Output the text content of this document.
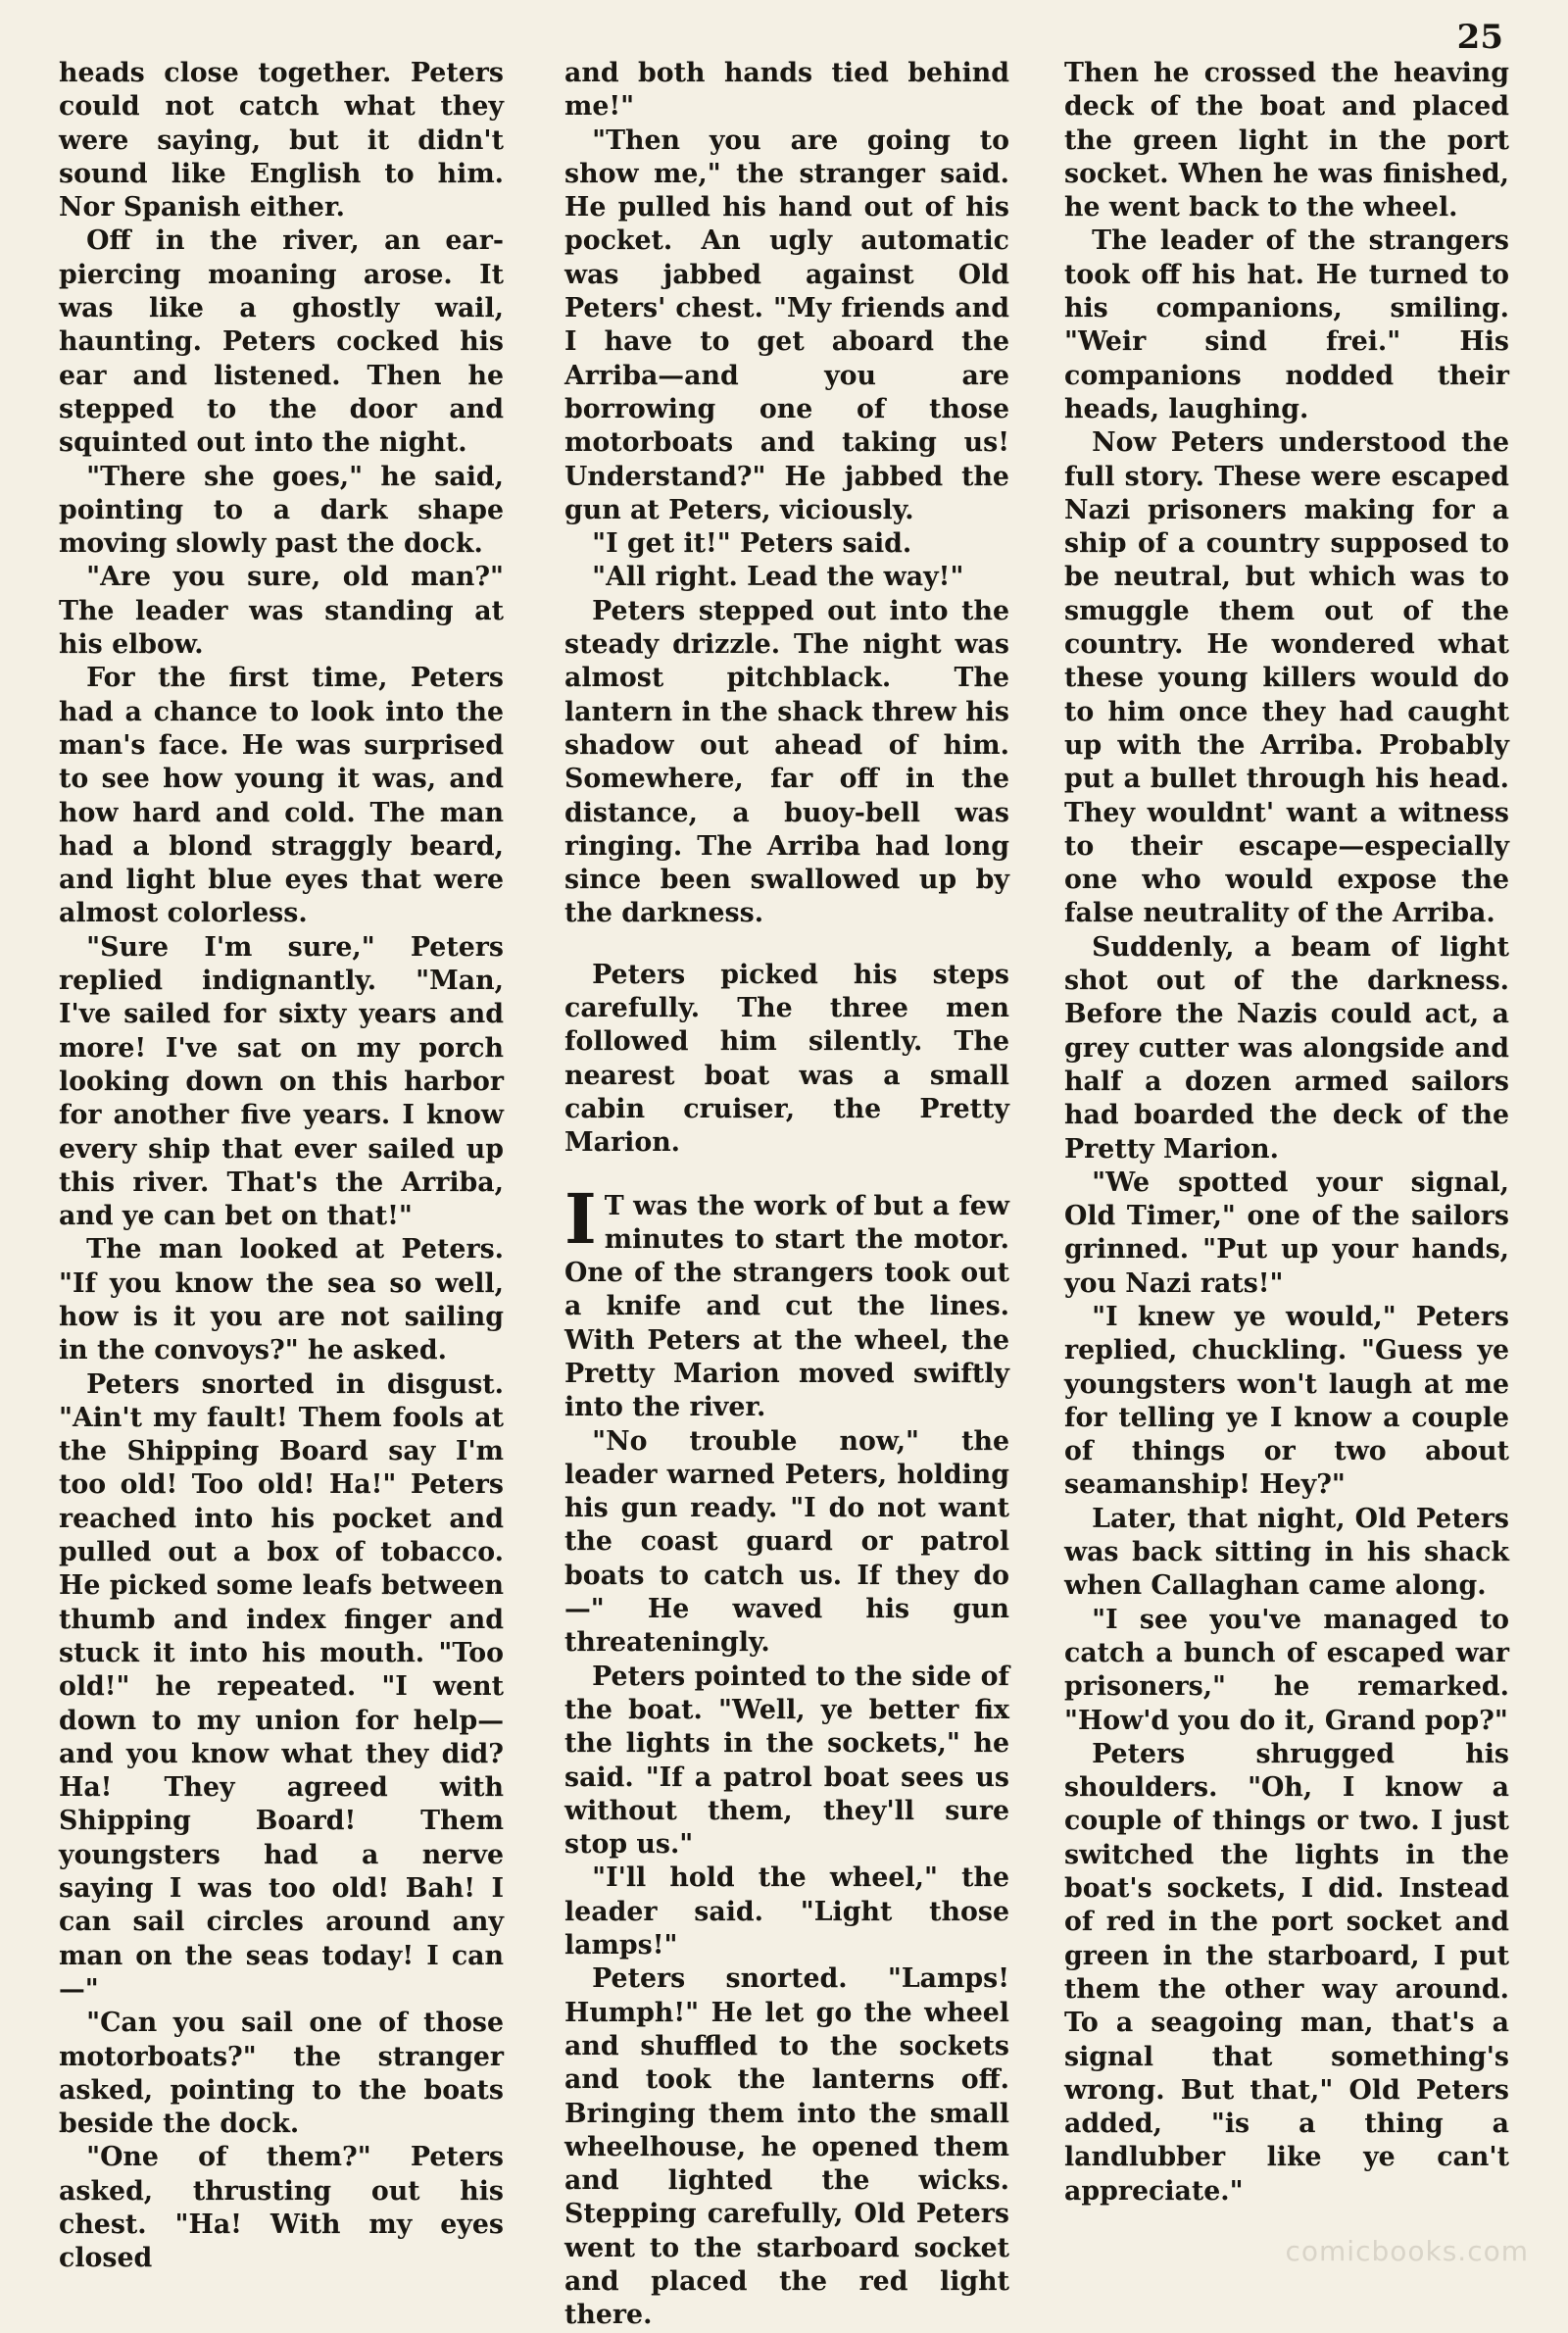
25

heads close together. Peters could not catch what they were saying, but it didn't sound like English to him. Nor Spanish either.

Off in the river, an ear-piercing moaning arose. It was like a ghostly wail, haunting. Peters cocked his ear and listened. Then he stepped to the door and squinted out into the night.

"There she goes," he said, pointing to a dark shape moving slowly past the dock.

"Are you sure, old man?" The leader was standing at his elbow.

For the first time, Peters had a chance to look into the man's face. He was surprised to see how young it was, and how hard and cold. The man had a blond straggly beard, and light blue eyes that were almost colorless.

"Sure I'm sure," Peters replied indignantly. "Man, I've sailed for sixty years and more! I've sat on my porch looking down on this harbor for another five years. I know every ship that ever sailed up this river. That's the Arriba, and ye can bet on that!"

The man looked at Peters. "If you know the sea so well, how is it you are not sailing in the convoys?" he asked.

Peters snorted in disgust. "Ain't my fault! Them fools at the Shipping Board say I'm too old! Too old! Ha!" Peters reached into his pocket and pulled out a box of tobacco. He picked some leafs between thumb and index finger and stuck it into his mouth. "Too old!" he repeated. "I went down to my union for help—and you know what they did? Ha! They agreed with Shipping Board! Them youngsters had a nerve saying I was too old! Bah! I can sail circles around any man on the seas today! I can—"

"Can you sail one of those motorboats?" the stranger asked, pointing to the boats beside the dock.

"One of them?" Peters asked, thrusting out his chest. "Ha! With my eyes closed

and both hands tied behind me!"

"Then you are going to show me," the stranger said. He pulled his hand out of his pocket. An ugly automatic was jabbed against Old Peters' chest. "My friends and I have to get aboard the Arriba—and you are borrowing one of those motorboats and taking us! Understand?" He jabbed the gun at Peters, viciously.

"I get it!" Peters said.

"All right. Lead the way!"

Peters stepped out into the steady drizzle. The night was almost pitchblack. The lantern in the shack threw his shadow out ahead of him. Somewhere, far off in the distance, a buoy-bell was ringing. The Arriba had long since been swallowed up by the darkness.

Peters picked his steps carefully. The three men followed him silently. The nearest boat was a small cabin cruiser, the Pretty Marion.

I T was the work of but a few minutes to start the motor. One of the strangers took out a knife and cut the lines. With Peters at the wheel, the Pretty Marion moved swiftly into the river.

"No trouble now," the leader warned Peters, holding his gun ready. "I do not want the coast guard or patrol boats to catch us. If they do—" He waved his gun threateningly.

Peters pointed to the side of the boat. "Well, ye better fix the lights in the sockets," he said. "If a patrol boat sees us without them, they'll sure stop us."

"I'll hold the wheel," the leader said. "Light those lamps!"

Peters snorted. "Lamps! Humph!" He let go the wheel and shuffled to the sockets and took the lanterns off. Bringing them into the small wheelhouse, he opened them and lighted the wicks. Stepping carefully, Old Peters went to the starboard socket and placed the red light there.

Then he crossed the heaving deck of the boat and placed the green light in the port socket. When he was finished, he went back to the wheel.

The leader of the strangers took off his hat. He turned to his companions, smiling. "Weir sind frei." His companions nodded their heads, laughing.

Now Peters understood the full story. These were escaped Nazi prisoners making for a ship of a country supposed to be neutral, but which was to smuggle them out of the country. He wondered what these young killers would do to him once they had caught up with the Arriba. Probably put a bullet through his head. They wouldnt' want a witness to their escape—especially one who would expose the false neutrality of the Arriba.

Suddenly, a beam of light shot out of the darkness. Before the Nazis could act, a grey cutter was alongside and half a dozen armed sailors had boarded the deck of the Pretty Marion.

"We spotted your signal, Old Timer," one of the sailors grinned. "Put up your hands, you Nazi rats!"

"I knew ye would," Peters replied, chuckling. "Guess ye youngsters won't laugh at me for telling ye I know a couple of things or two about seamanship! Hey?"

Later, that night, Old Peters was back sitting in his shack when Callaghan came along.

"I see you've managed to catch a bunch of escaped war prisoners," he remarked. "How'd you do it, Grand pop?"

Peters shrugged his shoulders. "Oh, I know a couple of things or two. I just switched the lights in the boat's sockets, I did. Instead of red in the port socket and green in the starboard, I put them the other way around. To a seagoing man, that's a signal that something's wrong. But that," Old Peters added, "is a thing a landlubber like ye can't appreciate."

comicbooks.com
